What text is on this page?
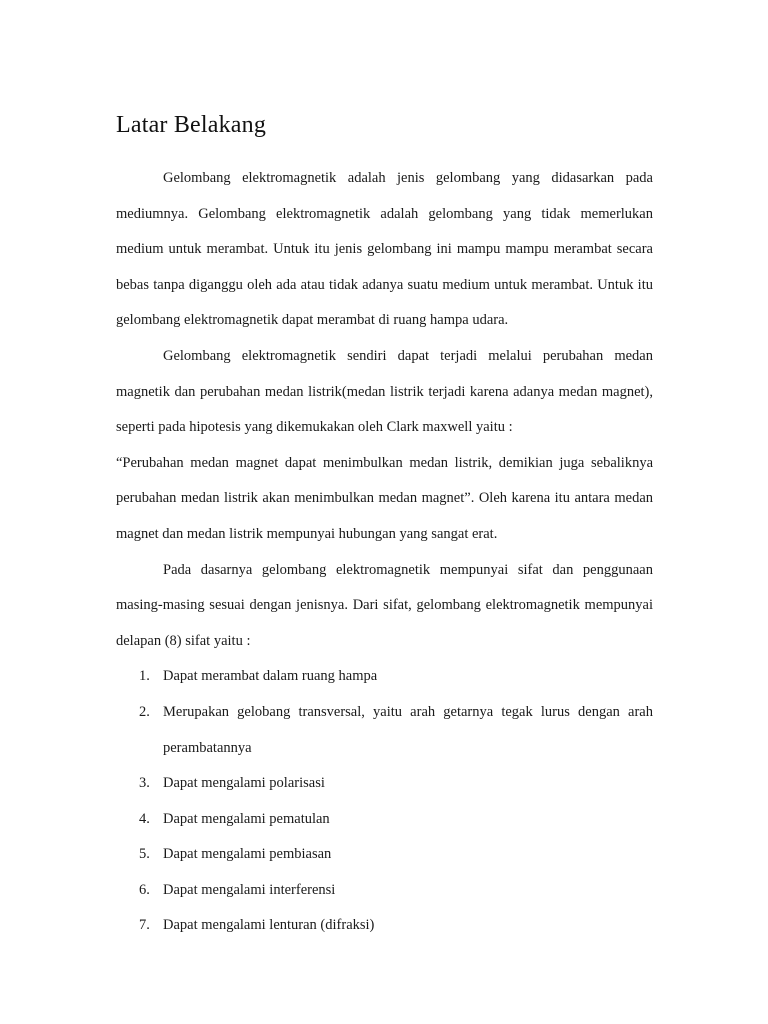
Latar Belakang

Gelombang elektromagnetik adalah jenis gelombang yang didasarkan pada mediumnya. Gelombang elektromagnetik adalah gelombang yang tidak memerlukan medium untuk merambat. Untuk itu jenis gelombang ini mampu mampu merambat secara bebas tanpa diganggu oleh ada atau tidak adanya suatu medium untuk merambat. Untuk itu gelombang elektromagnetik dapat merambat di ruang hampa udara.

Gelombang elektromagnetik sendiri dapat terjadi melalui perubahan medan magnetik dan perubahan medan listrik(medan listrik terjadi karena adanya medan magnet), seperti pada hipotesis yang dikemukakan oleh Clark maxwell yaitu :

“Perubahan medan magnet dapat menimbulkan medan listrik, demikian juga sebaliknya perubahan medan listrik akan menimbulkan medan magnet”. Oleh karena itu antara medan magnet dan medan listrik mempunyai hubungan yang sangat erat.

Pada dasarnya gelombang elektromagnetik mempunyai sifat dan penggunaan masing-masing sesuai dengan jenisnya. Dari sifat, gelombang elektromagnetik mempunyai delapan (8) sifat yaitu :

1. Dapat merambat dalam ruang hampa
2. Merupakan gelobang transversal, yaitu arah getarnya tegak lurus dengan arah perambatannya
3. Dapat mengalami polarisasi
4. Dapat mengalami pematulan
5. Dapat mengalami pembiasan
6. Dapat mengalami interferensi
7. Dapat mengalami lenturan (difraksi)
